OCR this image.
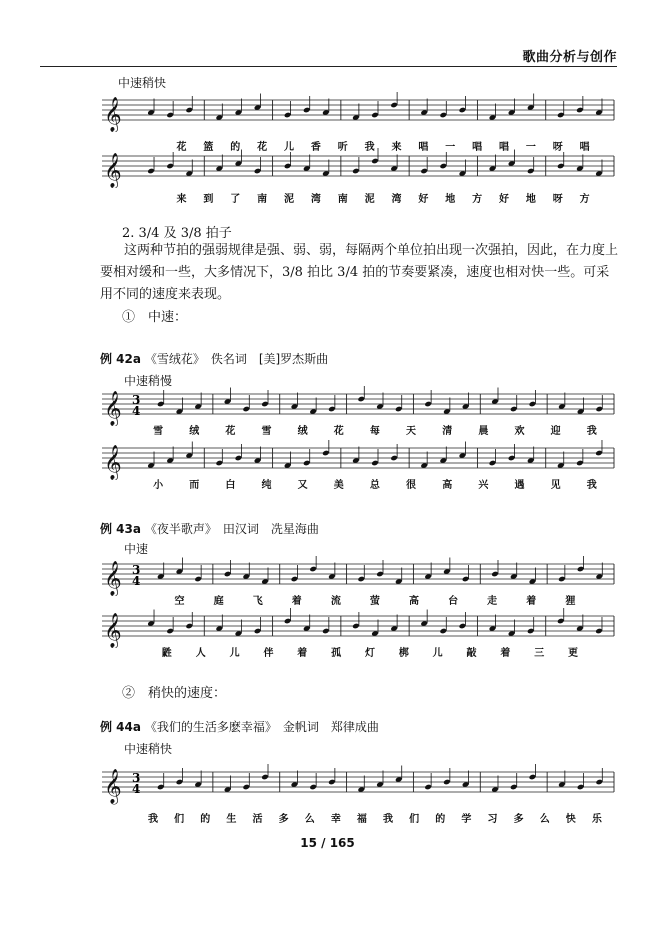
歌曲分析与创作
中速稍快
𝄞
花 篮 的 花 儿 香 听 我 来 唱 一 唱 唱 一 呀 唱
𝄞
来 到 了 南 泥 湾 南 泥 湾 好 地 方 好 地 呀 方
2. 3/4 及 3/8 拍子
这两种节拍的强弱规律是强、弱、弱，每隔两个单位拍出现一次强拍，因此，在力度上要相对缓和一些，大多情况下，3/8 拍比 3/4 拍的节奏要紧凑，速度也相对快一些。可采用不同的速度来表现。
①　中速：
例 42a 《雪绒花》　佚名词　[美]罗杰斯曲
中速稍慢
𝄞 3
4
雪	绒	花	雪	绒	花	每	天	清	晨	欢	迎	我
𝄞
小	而	白	纯	又	美	总	很	高	兴	遇	见	我
例 43a 《夜半歌声》　田汉词　冼星海曲
中速
𝄞 3
4
空	庭	飞	着	流	萤	高	台	走	着	狸
𝄞
鼪 人 儿 伴 着 孤 灯 梆 儿 敲 着 三 更
②　稍快的速度：
例 44a 《我们的生活多麽幸福》　金帆词　郑律成曲
中速稍快
𝄞 3
4
我 们 的 生 活 多 么 幸 福 我 们 的 学 习 多 么 快 乐
15 / 165
